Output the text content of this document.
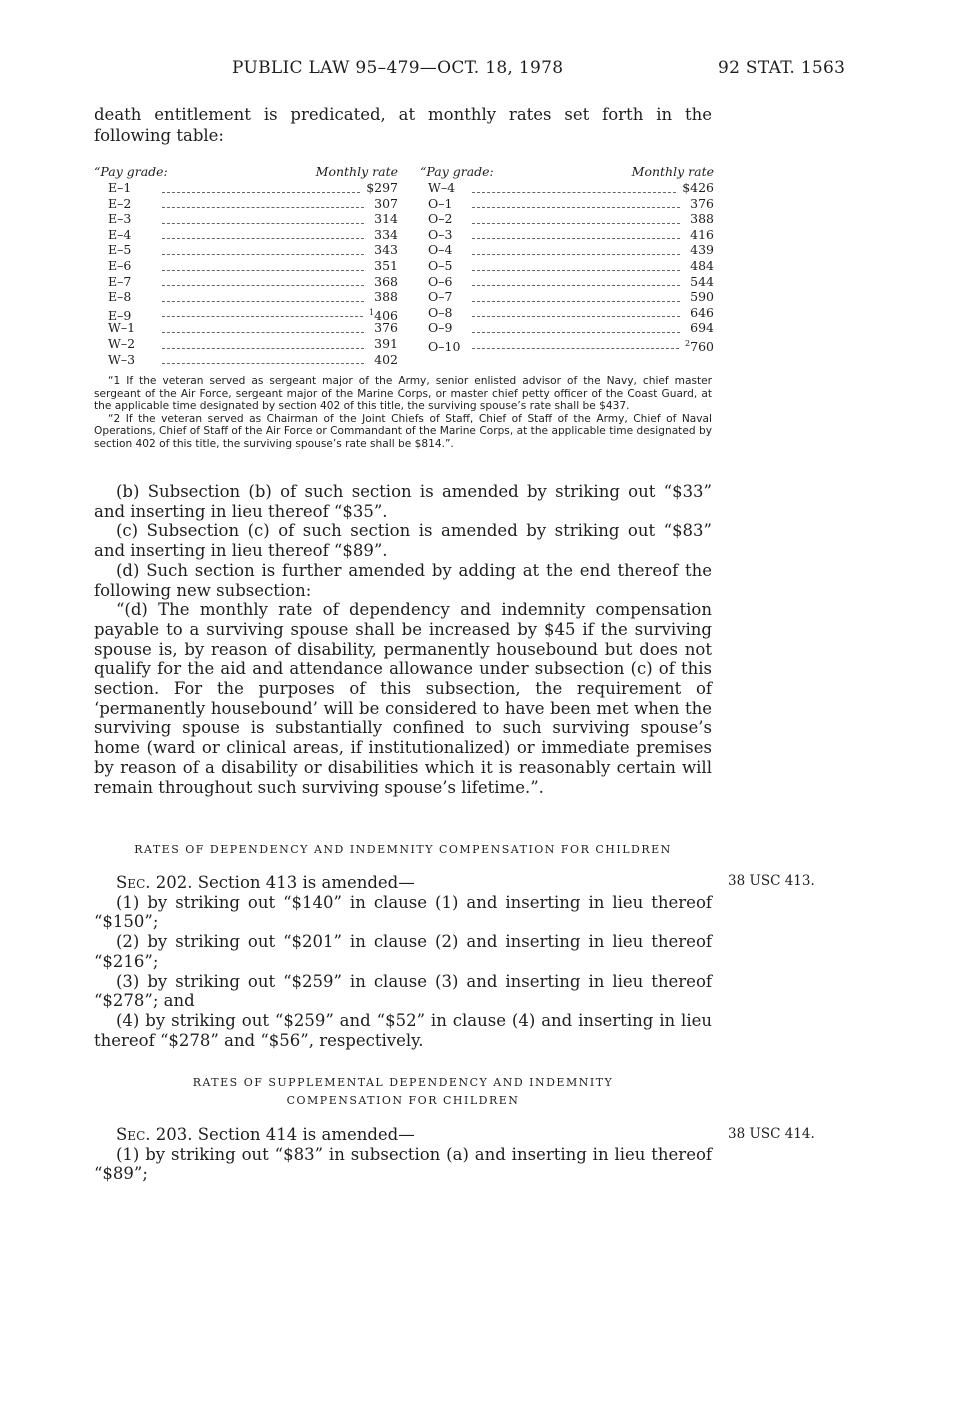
PUBLIC LAW 95–479—OCT. 18, 1978	92 STAT. 1563
death entitlement is predicated, at monthly rates set forth in the following table:
“Pay grade:	Monthly rate
E–1	$297
E–2	307
E–3	314
E–4	334
E–5	343
E–6	351
E–7	368
E–8	388
E–9	$^1$406
W–1	376
W–2	391
W–3	402
“Pay grade:	Monthly rate
W–4	$426
O–1	376
O–2	388
O–3	416
O–4	439
O–5	484
O–6	544
O–7	590
O–8	646
O–9	694
O–10	$^2$760

“1 If the veteran served as sergeant major of the Army, senior enlisted advisor of the Navy, chief master sergeant of the Air Force, sergeant major of the Marine Corps, or master chief petty officer of the Coast Guard, at the applicable time designated by section 402 of this title, the surviving spouse’s rate shall be $437.

“2 If the veteran served as Chairman of the Joint Chiefs of Staff, Chief of Staff of the Army, Chief of Naval Operations, Chief of Staff of the Air Force or Commandant of the Marine Corps, at the applicable time designated by section 402 of this title, the surviving spouse’s rate shall be $814.”.

(b) Subsection (b) of such section is amended by striking out “$33” and inserting in lieu thereof “$35”.

(c) Subsection (c) of such section is amended by striking out “$83” and inserting in lieu thereof “$89”.

(d) Such section is further amended by adding at the end thereof the following new subsection:

“(d) The monthly rate of dependency and indemnity compensation payable to a surviving spouse shall be increased by $45 if the surviving spouse is, by reason of disability, permanently housebound but does not qualify for the aid and attendance allowance under subsection (c) of this section. For the purposes of this subsection, the requirement of ‘permanently housebound’ will be considered to have been met when the surviving spouse is substantially confined to such surviving spouse’s home (ward or clinical areas, if institutionalized) or immediate premises by reason of a disability or disabilities which it is reasonably certain will remain throughout such surviving spouse’s lifetime.”.

RATES OF DEPENDENCY AND INDEMNITY COMPENSATION FOR CHILDREN

Sec. 202. Section 413 is amended—

(1) by striking out “$140” in clause (1) and inserting in lieu thereof “$150”;

(2) by striking out “$201” in clause (2) and inserting in lieu thereof “$216”;

(3) by striking out “$259” in clause (3) and inserting in lieu thereof “$278”; and

(4) by striking out “$259” and “$52” in clause (4) and inserting in lieu thereof “$278” and “$56”, respectively.

38 USC 413.
RATES OF SUPPLEMENTAL DEPENDENCY AND INDEMNITY
COMPENSATION FOR CHILDREN

Sec. 203. Section 414 is amended—

(1) by striking out “$83” in subsection (a) and inserting in lieu thereof “$89”;

38 USC 414.
